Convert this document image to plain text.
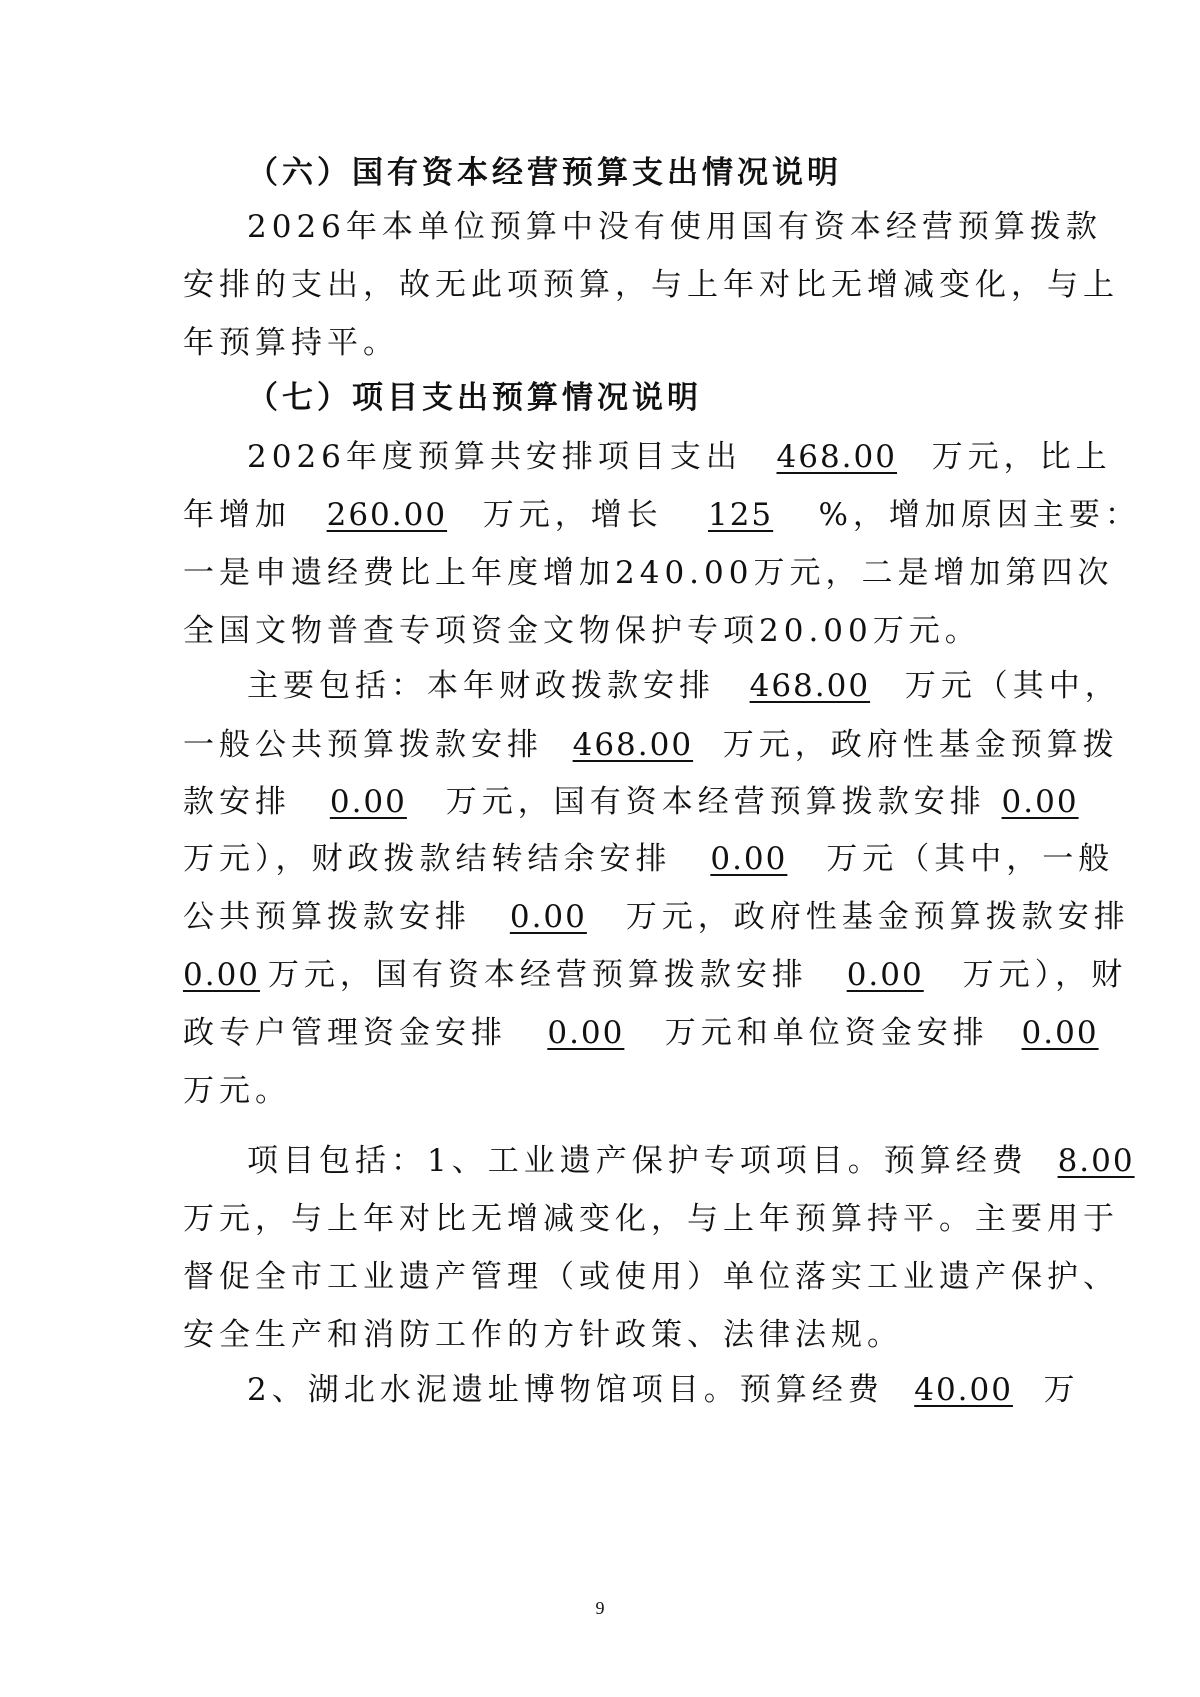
（六）国有资本经营预算支出情况说明
2026年本单位预算中没有使用国有资本经营预算拨款
安排的支出，故无此项预算，与上年对比无增减变化，与上
年预算持平。
（七）项目支出预算情况说明
2026年度预算共安排项目支出 468.00 万元，比上
年增加 260.00 万元，增长 125 %，增加原因主要：
一是申遗经费比上年度增加240.00万元，二是增加第四次
全国文物普查专项资金文物保护专项20.00万元。
主要包括：本年财政拨款安排 468.00 万元（其中，
一般公共预算拨款安排 468.00 万元，政府性基金预算拨
款安排 0.00 万元，国有资本经营预算拨款安排 0.00
万元），财政拨款结转结余安排 0.00 万元（其中，一般
公共预算拨款安排 0.00 万元，政府性基金预算拨款安排
0.00 万元，国有资本经营预算拨款安排 0.00 万元），财
政专户管理资金安排 0.00 万元和单位资金安排 0.00
万元。
项目包括：1、工业遗产保护专项项目。预算经费 8.00
万元，与上年对比无增减变化，与上年预算持平。主要用于
督促全市工业遗产管理（或使用）单位落实工业遗产保护、
安全生产和消防工作的方针政策、法律法规。
2、湖北水泥遗址博物馆项目。预算经费 40.00 万
9
